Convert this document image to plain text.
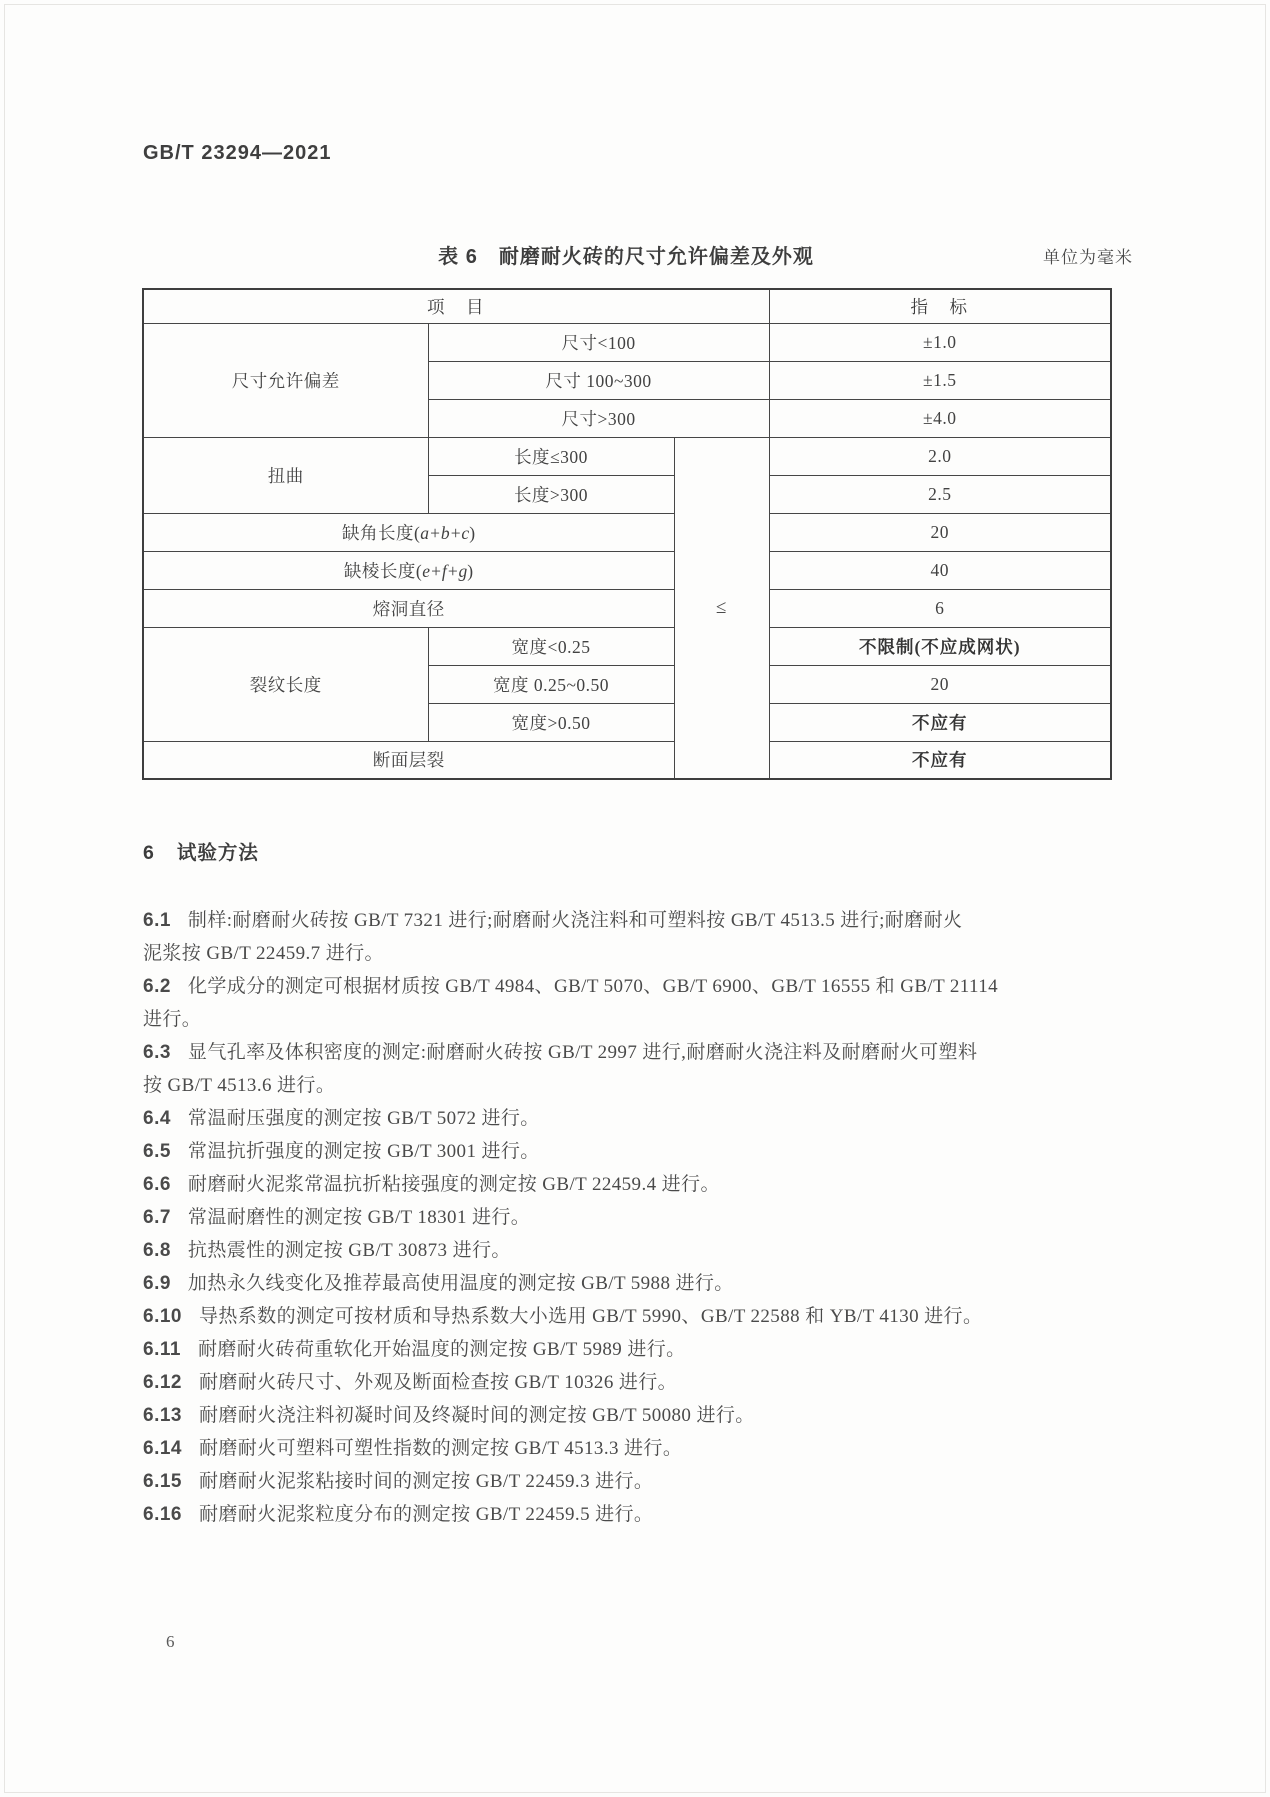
GB/T 23294—2021
表 6　耐磨耐火砖的尺寸允许偏差及外观	单位为毫米
项　目			指　标
尺寸允许偏差	尺寸<100		±1.0
	尺寸 100~300		±1.5
	尺寸>300		±4.0
扭曲	长度≤300	≤	2.0
	长度>300		2.5
缺角长度(a+b+c)			20
缺棱长度(e+f+g)			40
熔洞直径			6
裂纹长度	宽度<0.25		不限制(不应成网状)
	宽度 0.25~0.50		20
	宽度>0.50		不应有
断面层裂			不应有
6 试验方法
6.1 制样:耐磨耐火砖按 GB/T 7321 进行;耐磨耐火浇注料和可塑料按 GB/T 4513.5 进行;耐磨耐火
泥浆按 GB/T 22459.7 进行。
6.2 化学成分的测定可根据材质按 GB/T 4984、GB/T 5070、GB/T 6900、GB/T 16555 和 GB/T 21114
进行。
6.3 显气孔率及体积密度的测定:耐磨耐火砖按 GB/T 2997 进行,耐磨耐火浇注料及耐磨耐火可塑料
按 GB/T 4513.6 进行。
6.4 常温耐压强度的测定按 GB/T 5072 进行。
6.5 常温抗折强度的测定按 GB/T 3001 进行。
6.6 耐磨耐火泥浆常温抗折粘接强度的测定按 GB/T 22459.4 进行。
6.7 常温耐磨性的测定按 GB/T 18301 进行。
6.8 抗热震性的测定按 GB/T 30873 进行。
6.9 加热永久线变化及推荐最高使用温度的测定按 GB/T 5988 进行。
6.10 导热系数的测定可按材质和导热系数大小选用 GB/T 5990、GB/T 22588 和 YB/T 4130 进行。
6.11 耐磨耐火砖荷重软化开始温度的测定按 GB/T 5989 进行。
6.12 耐磨耐火砖尺寸、外观及断面检查按 GB/T 10326 进行。
6.13 耐磨耐火浇注料初凝时间及终凝时间的测定按 GB/T 50080 进行。
6.14 耐磨耐火可塑料可塑性指数的测定按 GB/T 4513.3 进行。
6.15 耐磨耐火泥浆粘接时间的测定按 GB/T 22459.3 进行。
6.16 耐磨耐火泥浆粒度分布的测定按 GB/T 22459.5 进行。
6
